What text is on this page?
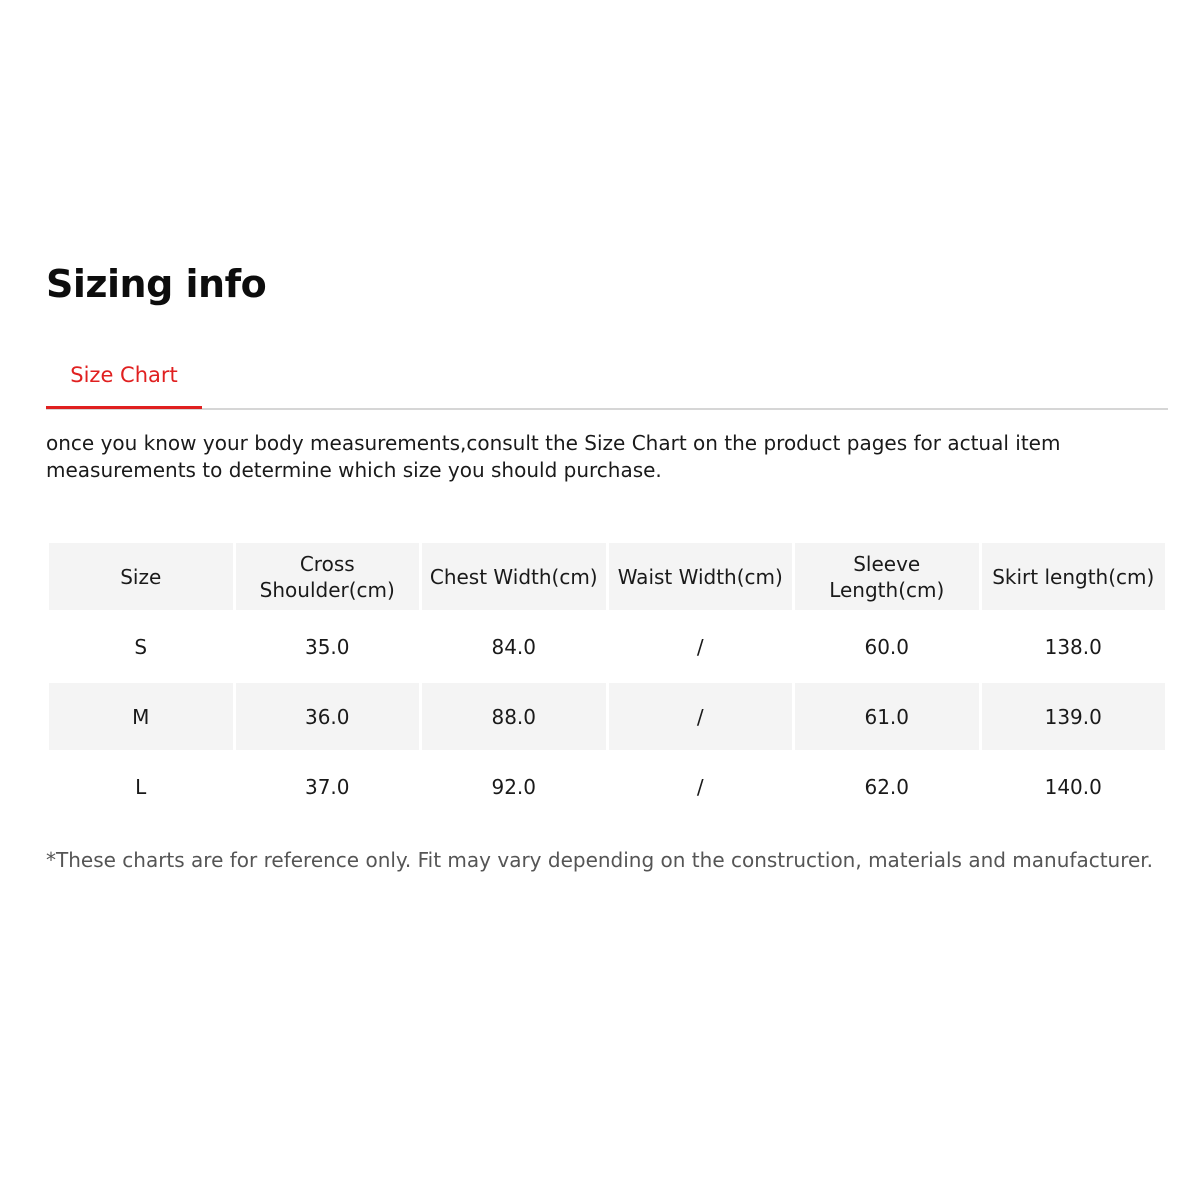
Sizing info
Size Chart

once you know your body measurements,consult the Size Chart on the product pages for actual item measurements to determine which size you should purchase.

Size	Cross Shoulder(cm)	Chest Width(cm)	Waist Width(cm)	Sleeve Length(cm)	Skirt length(cm)
S	35.0	84.0	/	60.0	138.0
M	36.0	88.0	/	61.0	139.0
L	37.0	92.0	/	62.0	140.0

*These charts are for reference only. Fit may vary depending on the construction, materials and manufacturer.
